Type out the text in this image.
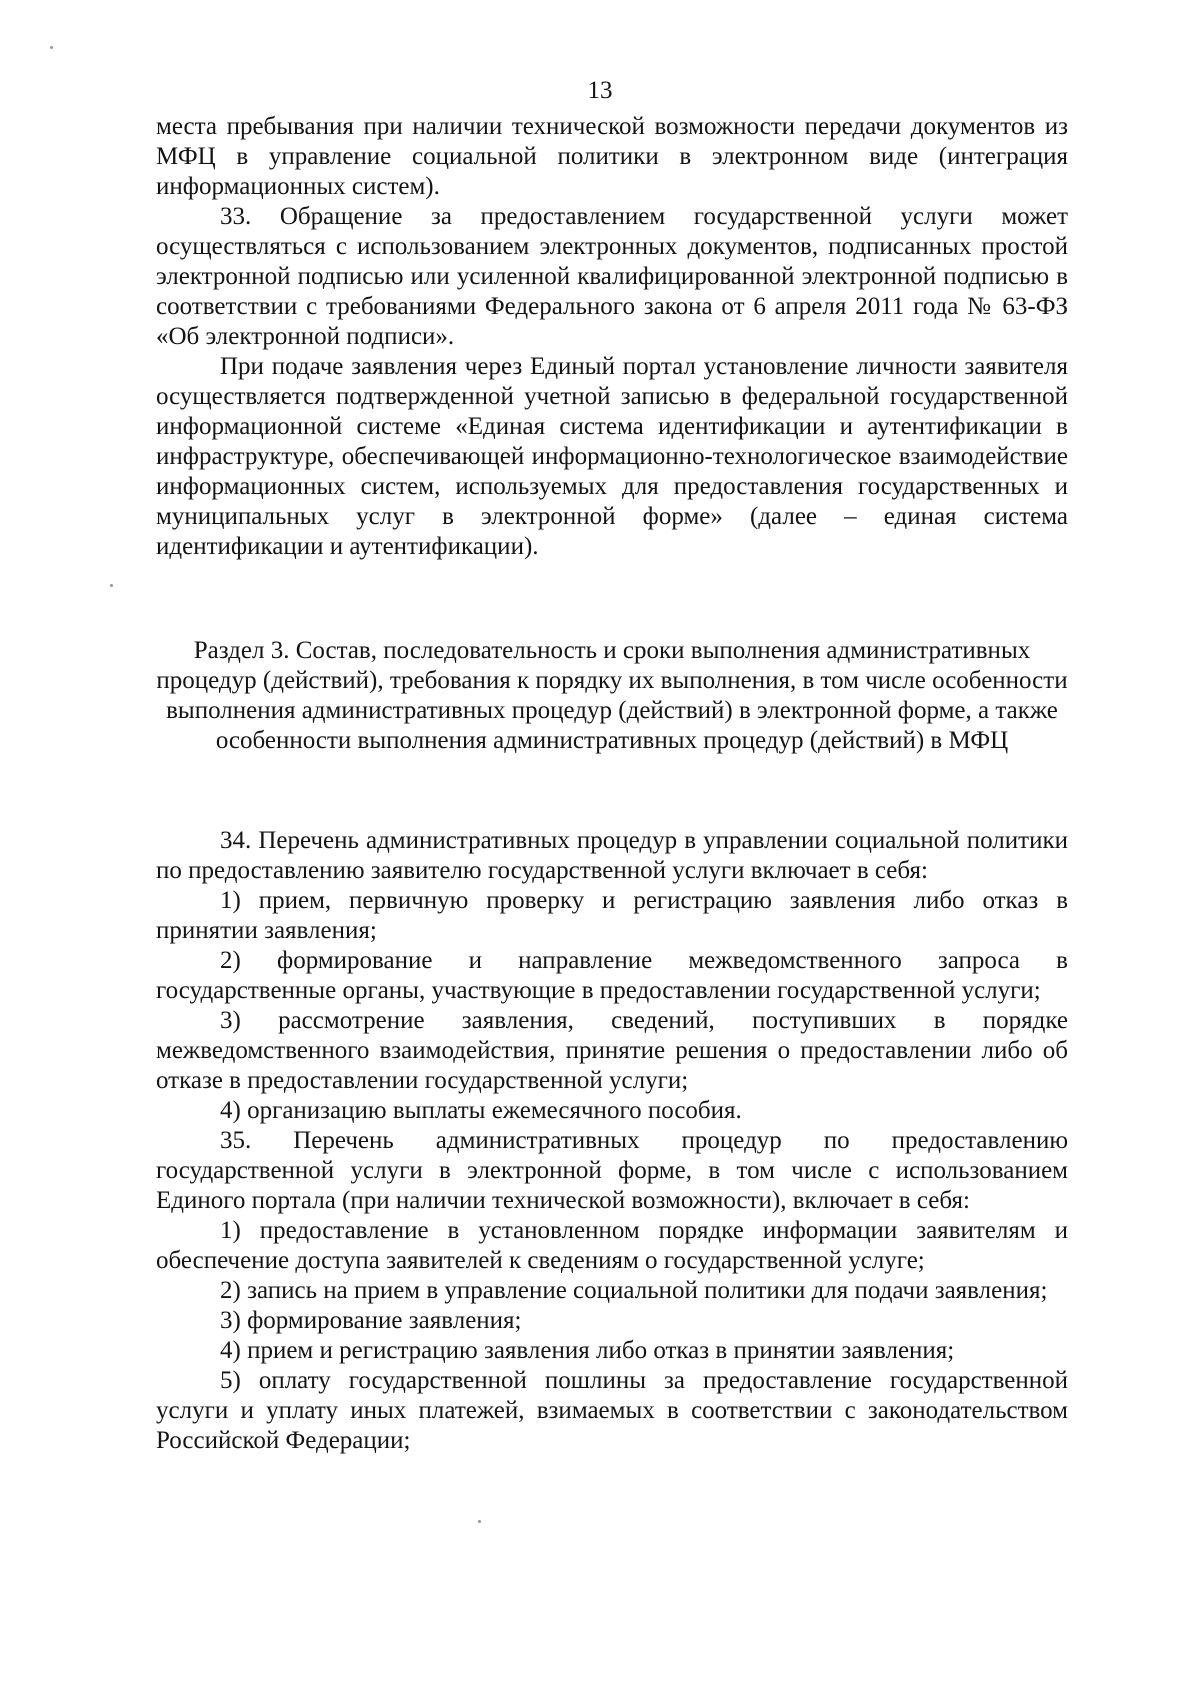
13

места пребывания при наличии технической возможности передачи документов из МФЦ в управление социальной политики в электронном виде (интеграция информационных систем).

33. Обращение за предоставлением государственной услуги может осуществляться с использованием электронных документов, подписанных простой электронной подписью или усиленной квалифицированной электронной подписью в соответствии с требованиями Федерального закона от 6 апреля 2011 года № 63-ФЗ «Об электронной подписи».

При подаче заявления через Единый портал установление личности заявителя осуществляется подтвержденной учетной записью в федеральной государственной информационной системе «Единая система идентификации и аутентификации в инфраструктуре, обеспечивающей информационно-технологическое взаимодействие информационных систем, используемых для предоставления государственных и муниципальных услуг в электронной форме» (далее – единая система идентификации и аутентификации).

Раздел 3. Состав, последовательность и сроки выполнения административных процедур (действий), требования к порядку их выполнения, в том числе особенности выполнения административных процедур (действий) в электронной форме, а также особенности выполнения административных процедур (действий) в МФЦ

34. Перечень административных процедур в управлении социальной политики по предоставлению заявителю государственной услуги включает в себя:

1) прием, первичную проверку и регистрацию заявления либо отказ в принятии заявления;

2) формирование и направление межведомственного запроса в государственные органы, участвующие в предоставлении государственной услуги;

3) рассмотрение заявления, сведений, поступивших в порядке межведомственного взаимодействия, принятие решения о предоставлении либо об отказе в предоставлении государственной услуги;

4) организацию выплаты ежемесячного пособия.

35. Перечень административных процедур по предоставлению государственной услуги в электронной форме, в том числе с использованием Единого портала (при наличии технической возможности), включает в себя:

1) предоставление в установленном порядке информации заявителям и обеспечение доступа заявителей к сведениям о государственной услуге;

2) запись на прием в управление социальной политики для подачи заявления;

3) формирование заявления;

4) прием и регистрацию заявления либо отказ в принятии заявления;

5) оплату государственной пошлины за предоставление государственной услуги и уплату иных платежей, взимаемых в соответствии с законодательством Российской Федерации;
